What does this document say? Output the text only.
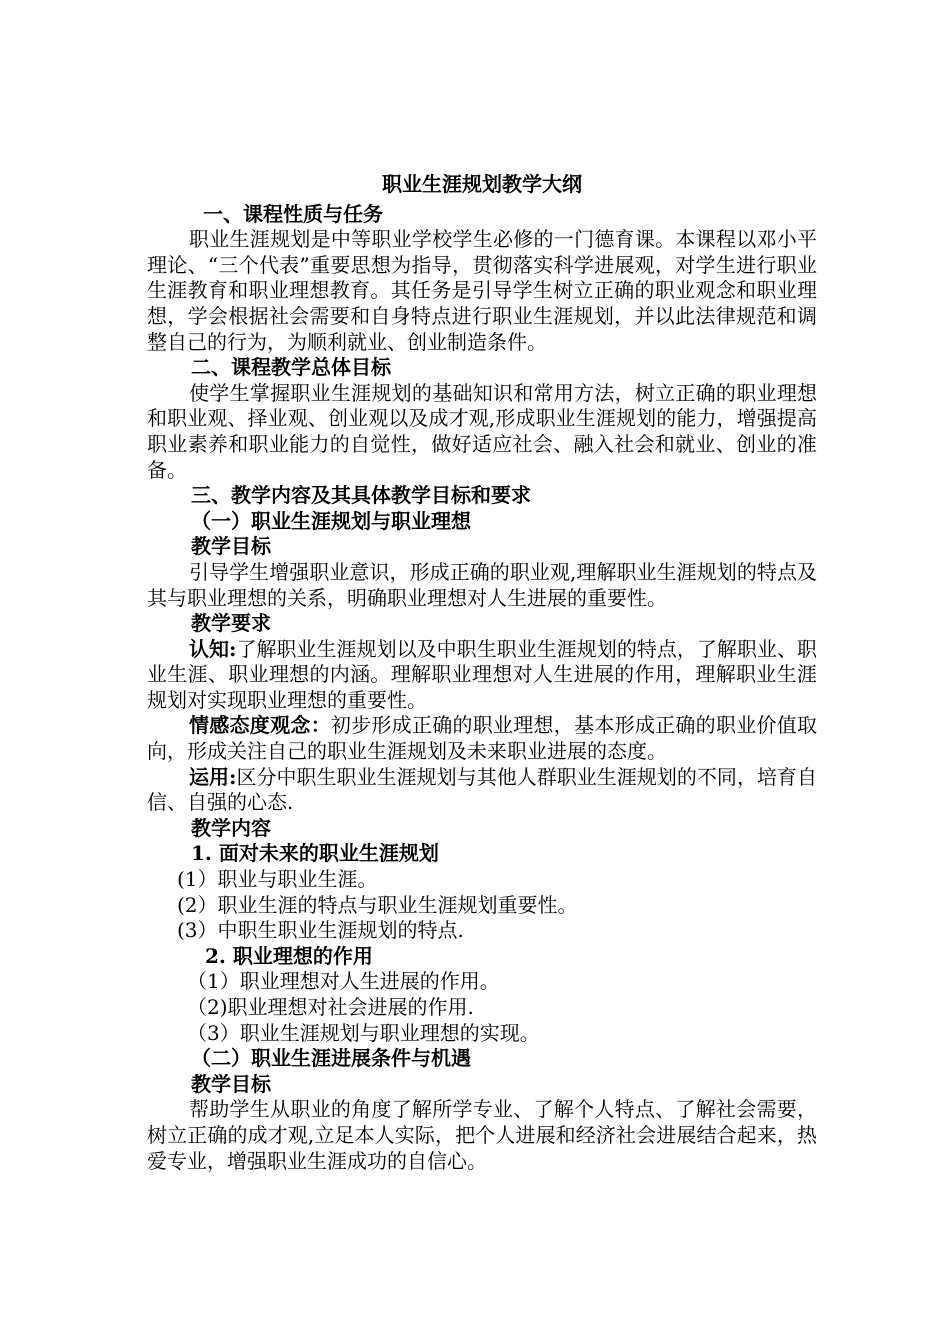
职业生涯规划教学大纲
一、课程性质与任务

职业生涯规划是中等职业学校学生必修的一门德育课。本课程以邓小平理论、“三个代表”重要思想为指导，贯彻落实科学进展观，对学生进行职业生涯教育和职业理想教育。其任务是引导学生树立正确的职业观念和职业理想，学会根据社会需要和自身特点进行职业生涯规划，并以此法律规范和调整自己的行为，为顺利就业、创业制造条件。

二、课程教学总体目标

使学生掌握职业生涯规划的基础知识和常用方法，树立正确的职业理想和职业观、择业观、创业观以及成才观,形成职业生涯规划的能力，增强提高职业素养和职业能力的自觉性，做好适应社会、融入社会和就业、创业的准备。

三、教学内容及其具体教学目标和要求
（一）职业生涯规划与职业理想
教学目标

引导学生增强职业意识，形成正确的职业观,理解职业生涯规划的特点及其与职业理想的关系，明确职业理想对人生进展的重要性。

教学要求

认知:了解职业生涯规划以及中职生职业生涯规划的特点，了解职业、职业生涯、职业理想的内涵。理解职业理想对人生进展的作用，理解职业生涯规划对实现职业理想的重要性。

情感态度观念：初步形成正确的职业理想，基本形成正确的职业价值取向，形成关注自己的职业生涯规划及未来职业进展的态度。

运用:区分中职生职业生涯规划与其他人群职业生涯规划的不同，培育自信、自强的心态.

教学内容
1. 面对未来的职业生涯规划
(1）职业与职业生涯。
(2）职业生涯的特点与职业生涯规划重要性。
(3）中职生职业生涯规划的特点.
2. 职业理想的作用
（1）职业理想对人生进展的作用。
（2)职业理想对社会进展的作用.
（3）职业生涯规划与职业理想的实现。
（二）职业生涯进展条件与机遇
教学目标

帮助学生从职业的角度了解所学专业、了解个人特点、了解社会需要，树立正确的成才观,立足本人实际，把个人进展和经济社会进展结合起来，热爱专业，增强职业生涯成功的自信心。
